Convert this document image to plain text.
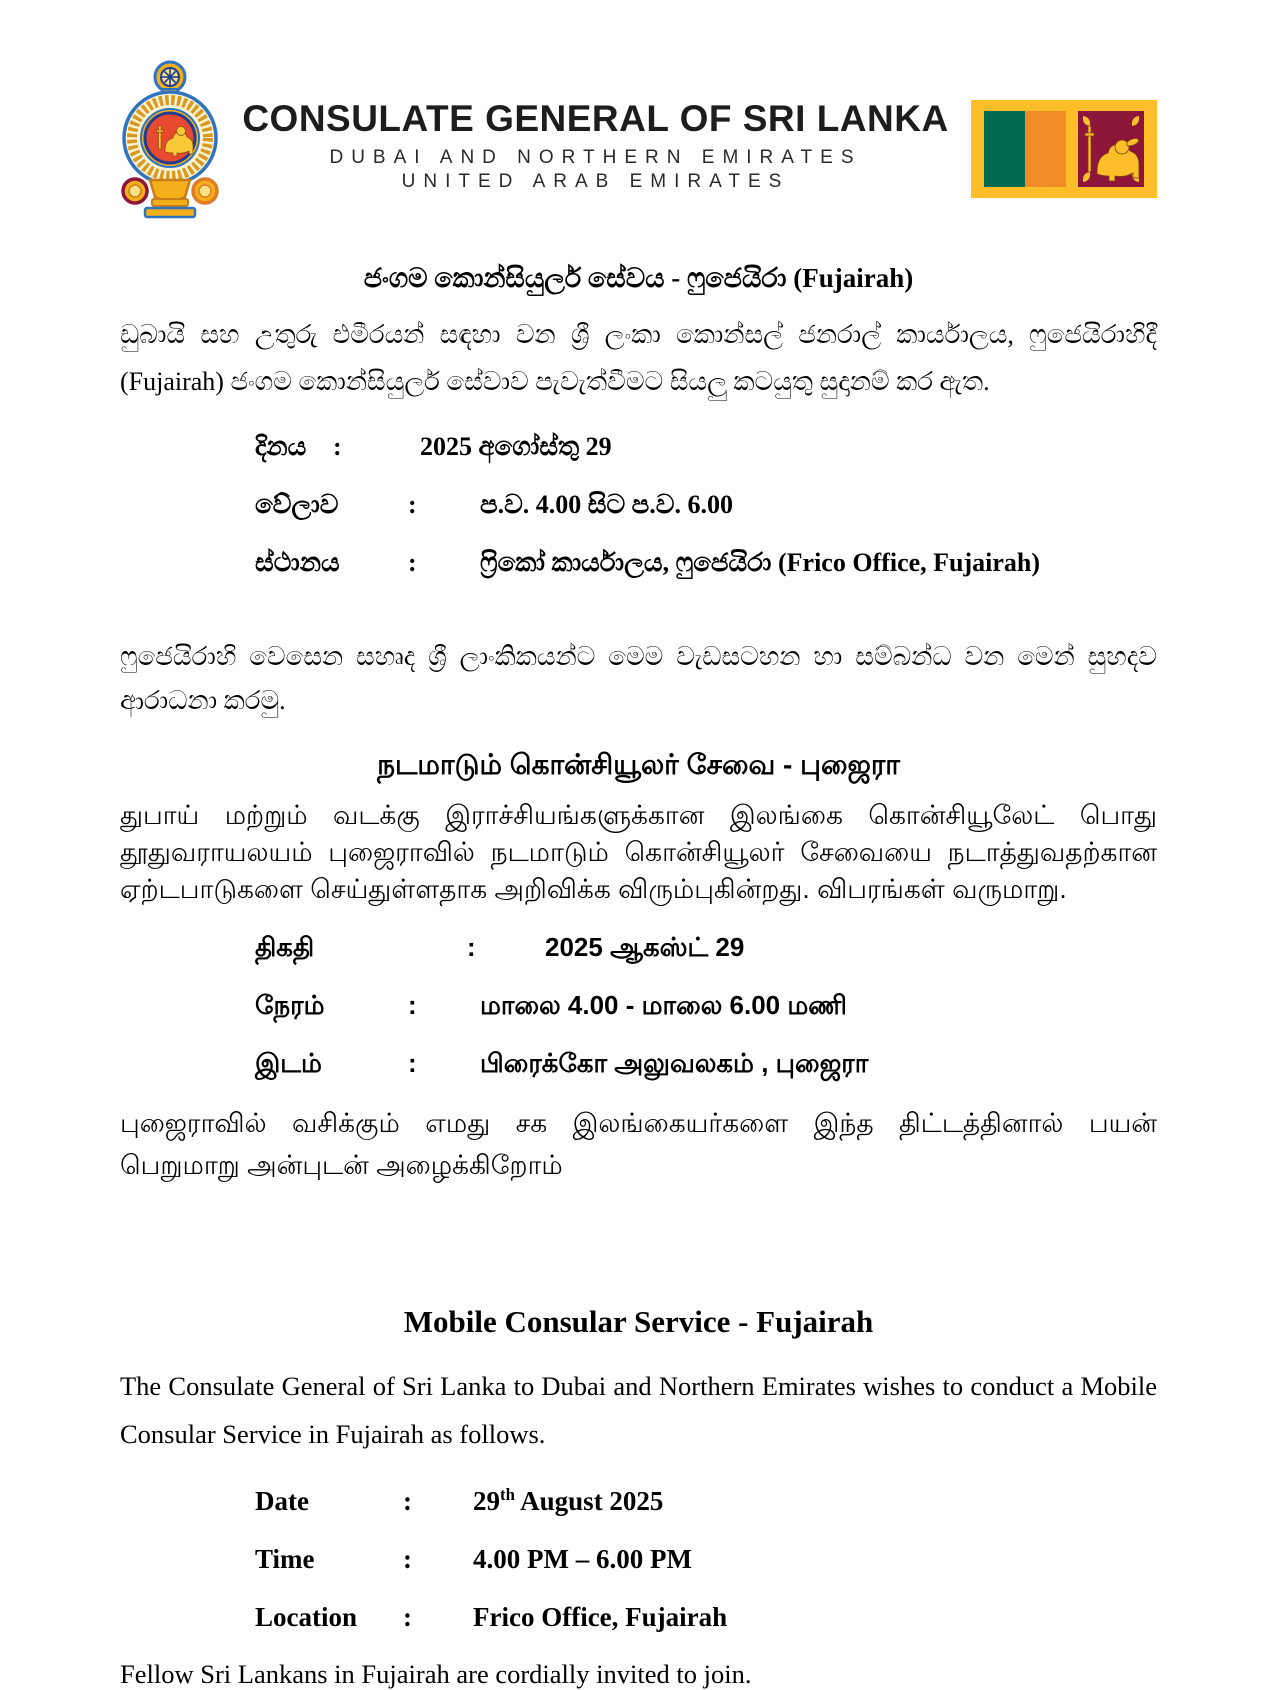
CONSULATE GENERAL OF SRI LANKA
DUBAI AND NORTHERN EMIRATES
UNITED ARAB EMIRATES
ජංගම කොන්සියුලර් සේවය - ෆුජෙයිරා (Fujairah)

ඩුබායි සහ උතුරු එමීරයන් සඳහා වන ශ්‍රී ලංකා කොන්සල් ජනරාල් කාර්යාලය, ෆුජෙයිරාහිදී (Fujairah) ජංගම කොන්සියුලර් සේවාව පැවැත්වීමට සියලු කටයුතු සුදානම් කර ඇත.

දිනය	:	2025 අගෝස්තු 29
වේලාව	:	ප.ව. 4.00 සිට ප.ව. 6.00
ස්ථානය	:	ෆ්‍රිකෝ කාර්යාලය, ෆුජෙයිරා (Frico Office, Fujairah)

ෆුජෙයිරාහි වෙසෙන සහෘද ශ්‍රී ලාංකිකයන්ට මෙම වැඩසටහන හා සම්බන්ධ වන මෙන් සුහදව ආරාධනා කරමු.

நடமாடும் கொன்சியூலர் சேவை - புஜைரா

துபாய் மற்றும் வடக்கு இராச்சியங்களுக்கான இலங்கை கொன்சியூலேட் பொது தூதுவராயலயம் புஜைராவில் நடமாடும் கொன்சியூலர் சேவையை நடாத்துவதற்கான ஏற்டபாடுகளை செய்துள்ளதாக அறிவிக்க விரும்புகின்றது. விபரங்கள் வருமாறு.

திகதி	:	2025 ஆகஸ்ட் 29
நேரம்	:	மாலை 4.00 - மாலை 6.00 மணி
இடம்	:	பிரைக்கோ அலுவலகம் , புஜைரா

புஜைராவில் வசிக்கும் எமது சக இலங்கையர்களை இந்த திட்டத்தினால் பயன் பெறுமாறு அன்புடன் அழைக்கிறோம்

Mobile Consular Service - Fujairah

The Consulate General of Sri Lanka to Dubai and Northern Emirates wishes to conduct a Mobile Consular Service in Fujairah as follows.

Date	:	29th August 2025
Time	:	4.00 PM – 6.00 PM
Location	:	Frico Office, Fujairah

Fellow Sri Lankans in Fujairah are cordially invited to join.
